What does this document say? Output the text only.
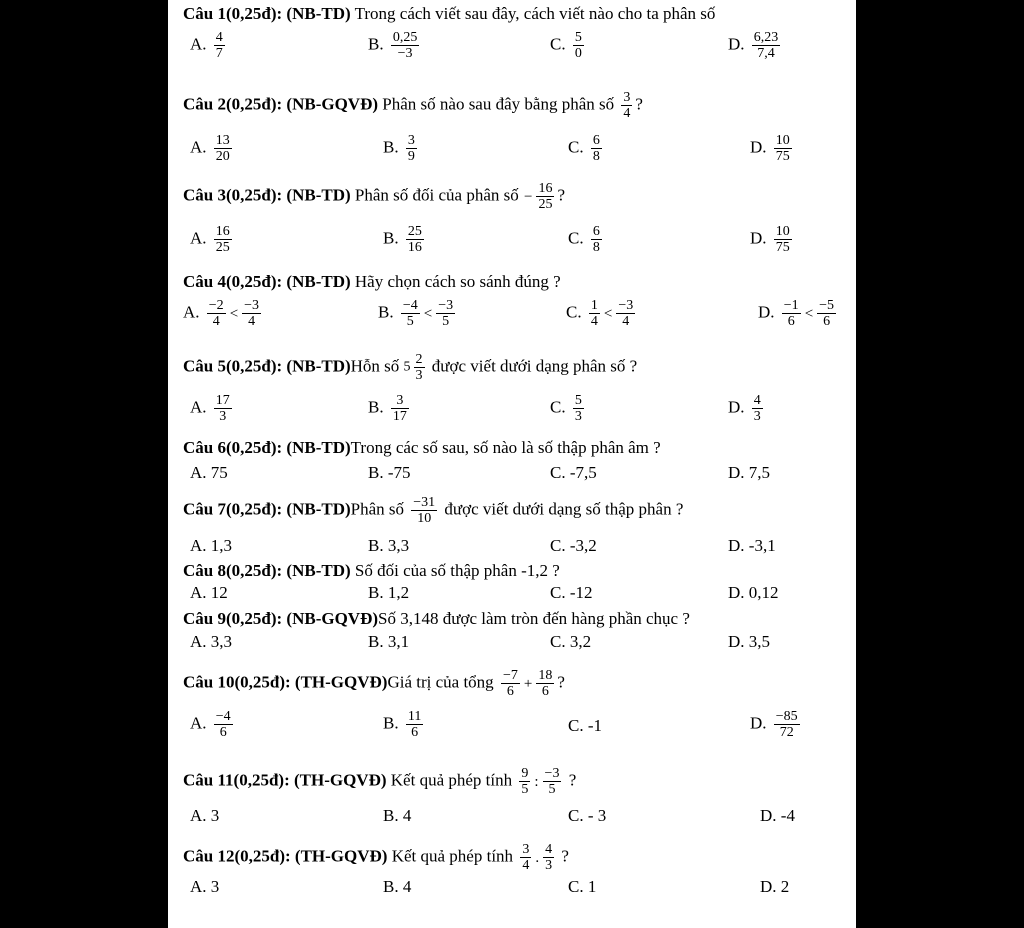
Câu 1(0,25đ): (NB-TD) Trong cách viết sau đây, cách viết nào cho ta phân số
A. $\frac{4}{7}$	B. $\frac{0,25}{-3}$	C. $\frac{5}{0}$	D. $\frac{6,23}{7,4}$
Câu 2(0,25đ): (NB-GQVĐ) Phân số nào sau đây bằng phân số $\frac{3}{4}$ ?
A. $\frac{13}{20}$	B. $\frac{3}{9}$	C. $\frac{6}{8}$	D. $\frac{10}{75}$
Câu 3(0,25đ): (NB-TD) Phân số đối của phân số − $\frac{16}{25}$ ?
A. $\frac{16}{25}$	B. $\frac{25}{16}$	C. $\frac{6}{8}$	D. $\frac{10}{75}$
Câu 4(0,25đ): (NB-TD) Hãy chọn cách so sánh đúng ?
A. $\frac{-2}{4} < \frac{-3}{4}$	B. $\frac{-4}{5} < \frac{-3}{5}$	C. $\frac{1}{4} < \frac{-3}{4}$	D. $\frac{-1}{6} < \frac{-5}{6}$
Câu 5(0,25đ): (NB-TD)Hỗn số $5 \frac{2}{3}$ được viết dưới dạng phân số ?
A. $\frac{17}{3}$	B. $\frac{3}{17}$	C. $\frac{5}{3}$	D. $\frac{4}{3}$
Câu 6(0,25đ): (NB-TD)Trong các số sau, số nào là số thập phân âm ?
A. 75	B. -75	C. -7,5	D. 7,5
Câu 7(0,25đ): (NB-TD)Phân số $\frac{-31}{10}$ được viết dưới dạng số thập phân ?
A. 1,3	B. 3,3	C. -3,2	D. -3,1
Câu 8(0,25đ): (NB-TD) Số đối của số thập phân -1,2 ?
A. 12	B. 1,2	C. -12	D. 0,12
Câu 9(0,25đ): (NB-GQVĐ)Số 3,148 được làm tròn đến hàng phần chục ?
A. 3,3	B. 3,1	C. 3,2	D. 3,5
Câu 10(0,25đ): (TH-GQVĐ)Giá trị của tổng $\frac{-7}{6} + \frac{18}{6}$ ?
A. $\frac{-4}{6}$	B. $\frac{11}{6}$	C. -1	D. $\frac{-85}{72}$
Câu 11(0,25đ): (TH-GQVĐ) Kết quả phép tính $\frac{9}{5}$ : $\frac{-3}{5}$ ?
A. 3	B. 4	C. - 3	D. -4
Câu 12(0,25đ): (TH-GQVĐ) Kết quả phép tính $\frac{3}{4}$ . $\frac{4}{3}$ ?
A. 3	B. 4	C. 1	D. 2
